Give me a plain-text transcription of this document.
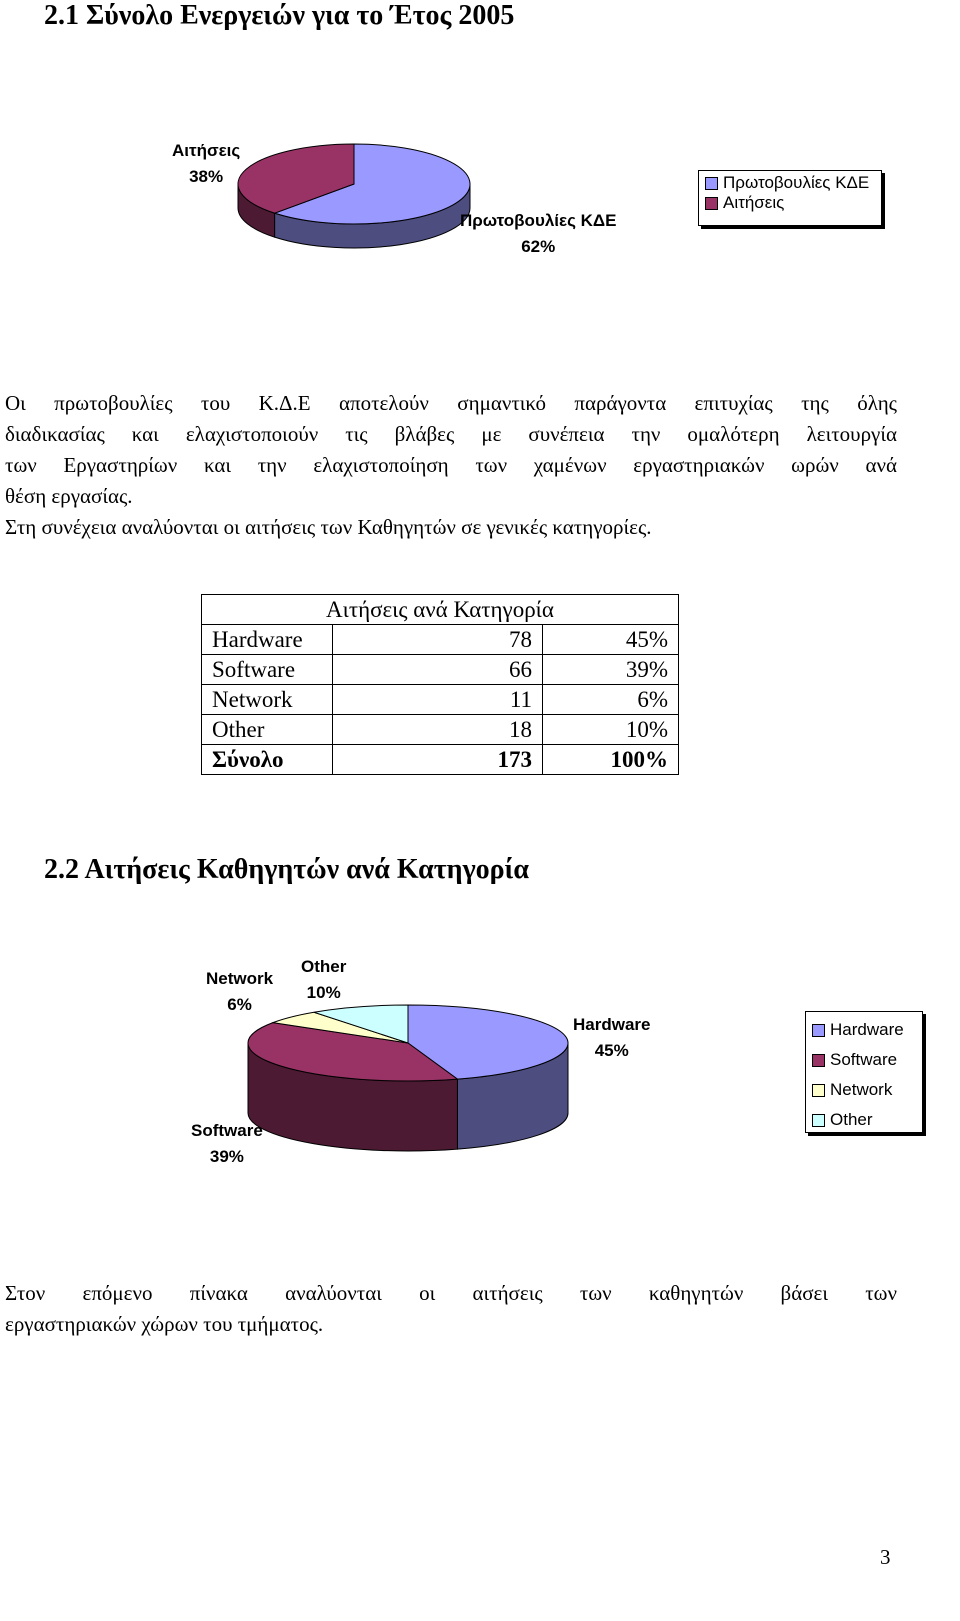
2.1 Σύνολο Ενεργειών για το Έτος 2005
Αιτήσεις
38%
Πρωτοβουλίες ΚΔΕ
62%
Πρωτοβουλίες ΚΔΕ
Αιτήσεις
Οι πρωτοβουλίες του Κ.Δ.Ε αποτελούν σημαντικό παράγοντα επιτυχίας της όλης
διαδικασίας και ελαχιστοποιούν τις βλάβες με συνέπεια την ομαλότερη λειτουργία
των Εργαστηρίων και την ελαχιστοποίηση των χαμένων εργαστηριακών ωρών ανά
θέση εργασίας.
Στη συνέχεια αναλύονται οι αιτήσεις των Καθηγητών σε γενικές κατηγορίες.
Αιτήσεις ανά Κατηγορία		
Hardware	78	45%
Software	66	39%
Network	11	6%
Other	18	10%
Σύνολο	173	100%
2.2 Αιτήσεις Καθηγητών ανά Κατηγορία
Network
6%
Other
10%
Hardware
45%
Software
39%
Hardware
Software
Network
Other
Στον επόμενο πίνακα αναλύονται οι αιτήσεις των καθηγητών βάσει των
εργαστηριακών χώρων του τμήματος.
3
